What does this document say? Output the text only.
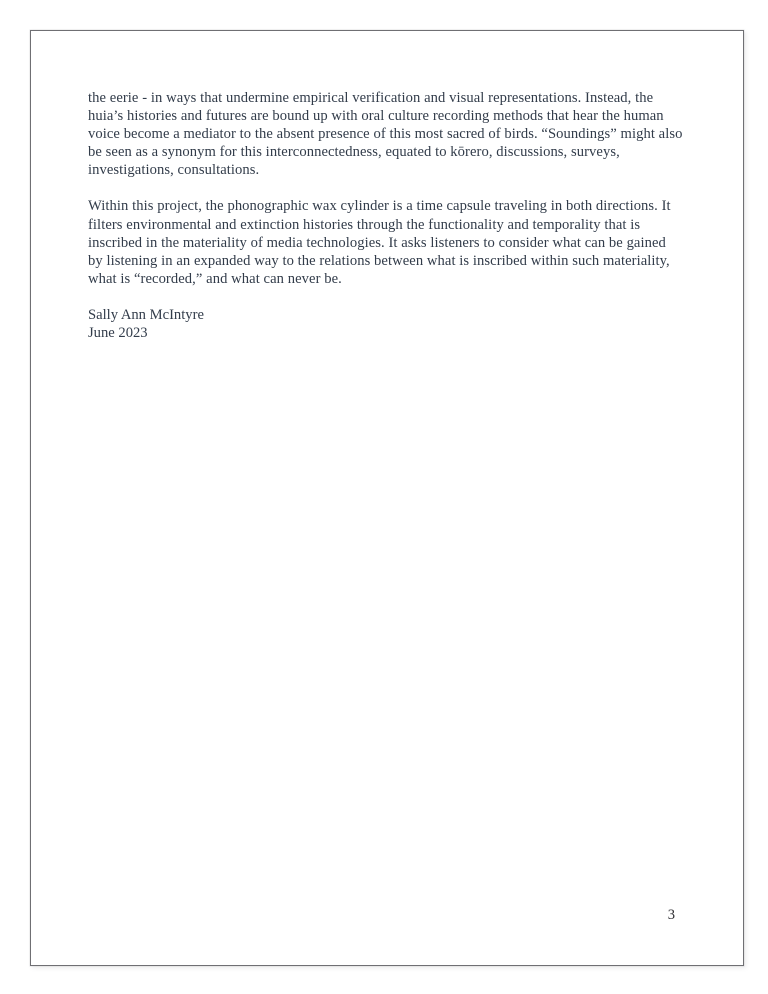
the eerie - in ways that undermine empirical verification and visual representations. Instead, the huia’s histories and futures are bound up with oral culture recording methods that hear the human voice become a mediator to the absent presence of this most sacred of birds. “Soundings” might also be seen as a synonym for this interconnectedness, equated to kōrero, discussions, surveys, investigations, consultations.

Within this project, the phonographic wax cylinder is a time capsule traveling in both directions. It filters environmental and extinction histories through the functionality and temporality that is inscribed in the materiality of media technologies. It asks listeners to consider what can be gained by listening in an expanded way to the relations between what is inscribed within such materiality, what is “recorded,” and what can never be.

Sally Ann McIntyre
June 2023
3
